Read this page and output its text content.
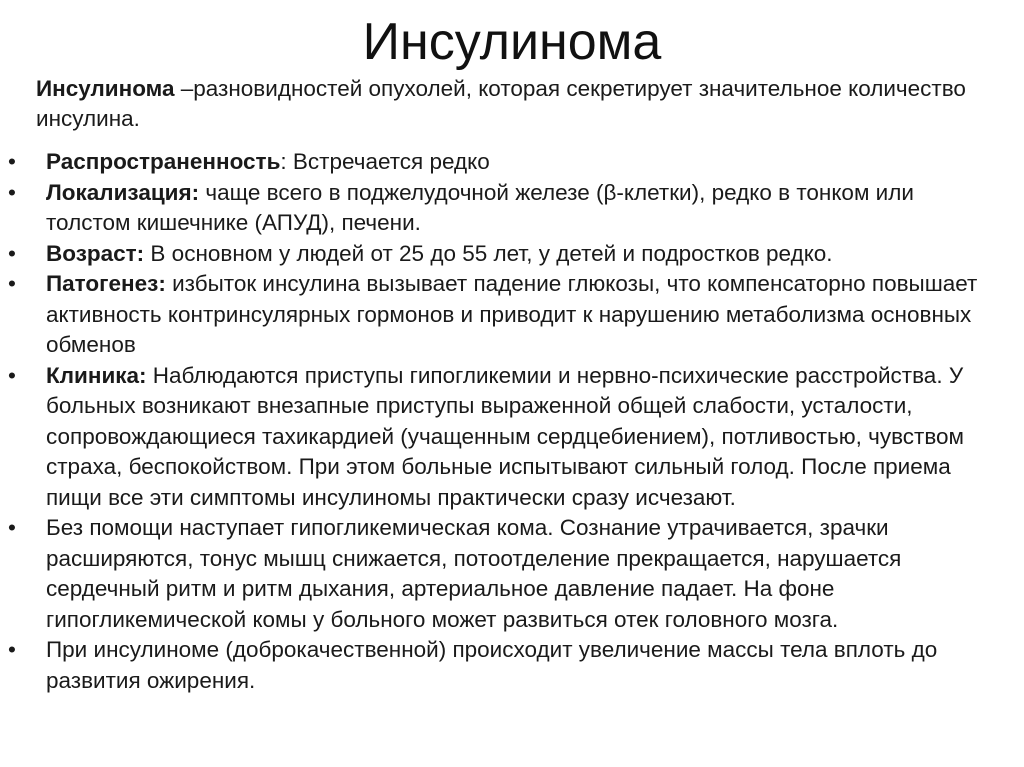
Инсулинома
Инсулинома –разновидностей опухолей, которая секретирует значительное количество инсулина.
•	Распространенность: Встречается редко
•	Локализация: чаще всего в поджелудочной железе (β-клетки), редко в тонком или толстом кишечнике (АПУД), печени.
•	Возраст: В основном у людей от 25 до 55 лет, у детей и подростков редко.
•	Патогенез: избыток инсулина вызывает падение глюкозы, что компенсаторно повышает активность контринсулярных гормонов и приводит к нарушению метаболизма основных обменов
•	Клиника: Наблюдаются приступы гипогликемии и нервно-психические расстройства. У больных возникают внезапные приступы выраженной общей слабости, усталости, сопровождающиеся тахикардией (учащенным сердцебиением), потливостью, чувством страха, беспокойством. При этом больные испытывают сильный голод. После приема пищи все эти симптомы инсулиномы практически сразу исчезают.
•	Без помощи наступает гипогликемическая кома. Сознание утрачивается, зрачки расширяются, тонус мышц снижается, потоотделение прекращается, нарушается сердечный ритм и ритм дыхания, артериальное давление падает. На фоне гипогликемической комы у больного может развиться отек головного мозга.
•	При инсулиноме (доброкачественной) происходит увеличение массы тела вплоть до развития ожирения.
